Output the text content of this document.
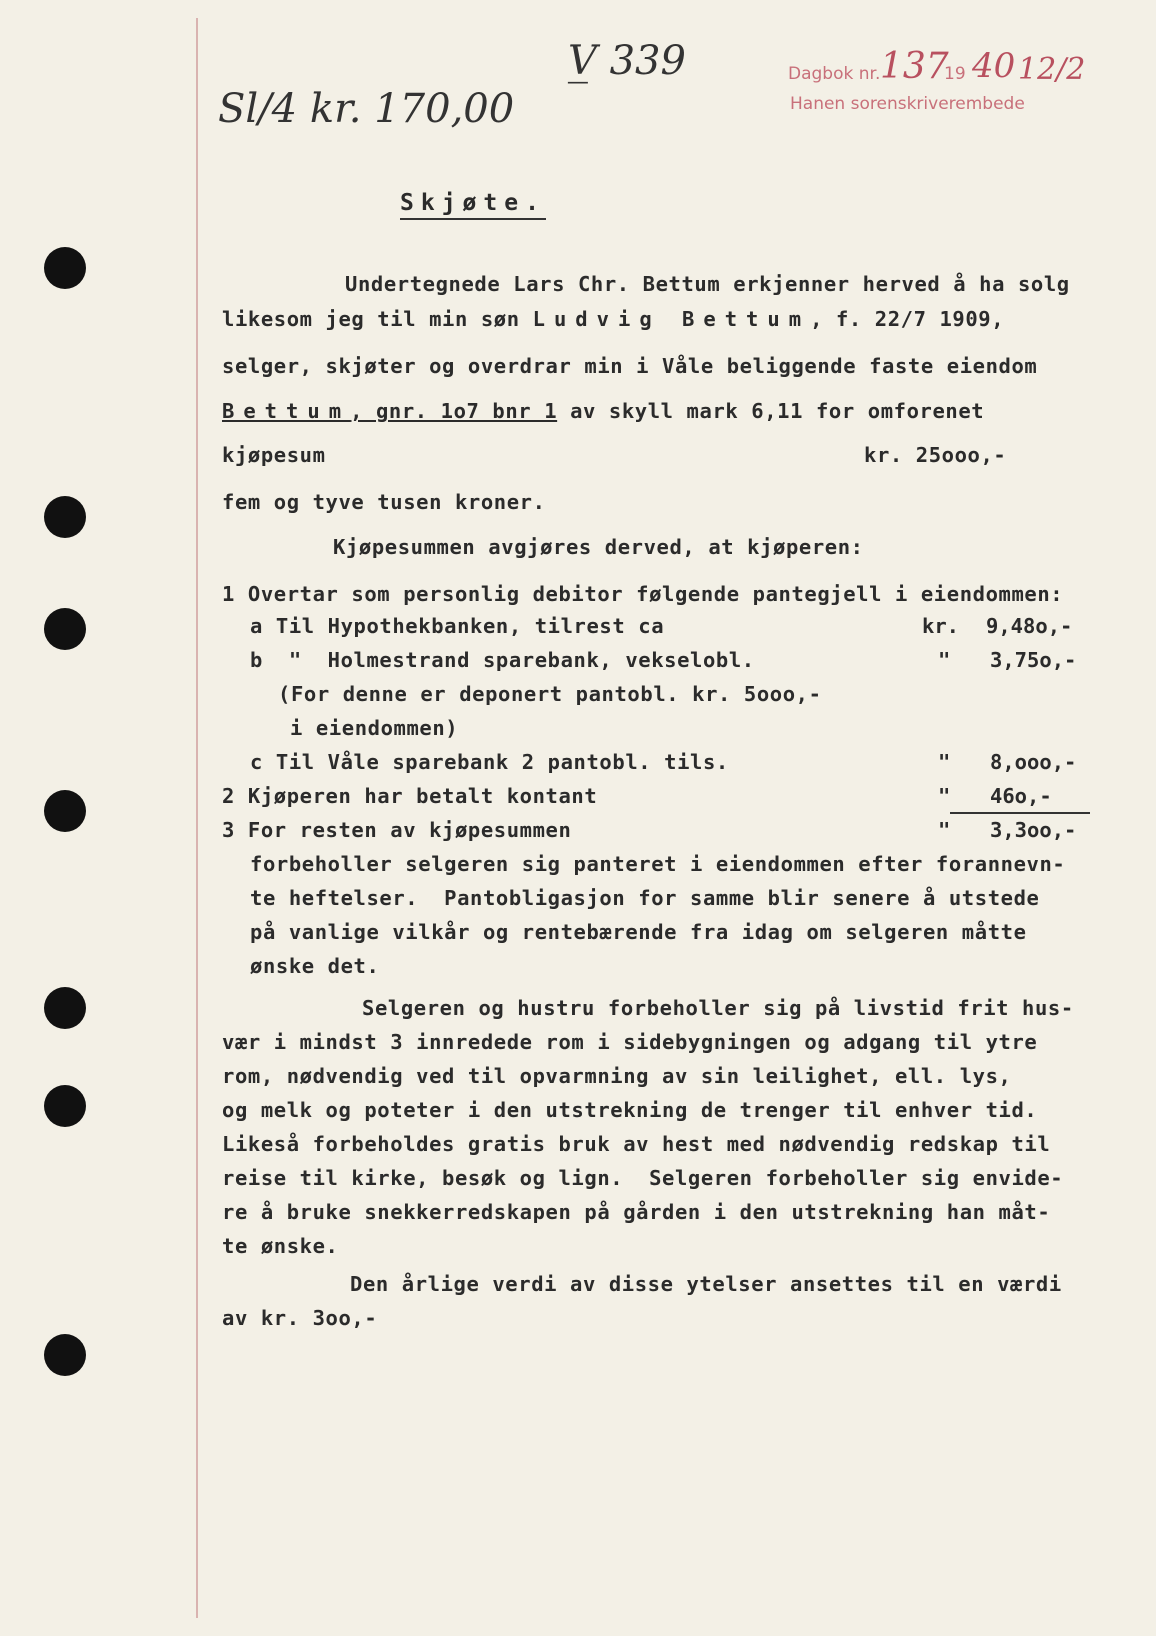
V̲ 339
Sl/4 kr. 170,00
Dagbok nr. 137
19 40 12/2
Hanen sorenskriverembede
Skjøte.
Undertegnede Lars Chr. Bettum erkjenner herved å ha solg
likesom jeg til min søn Ludvig Bettum, f. 22/7 1909,
selger, skjøter og overdrar min i Våle beliggende faste eiendom
Bettum, gnr. 1o7 bnr 1 av skyll mark 6,11 for omforenet
kjøpesum	kr. 25ooo,-
fem og tyve tusen kroner.
Kjøpesummen avgjøres derved, at kjøperen:
1 Overtar som personlig debitor følgende pantegjell i eiendommen:
a Til Hypothekbanken, tilrest ca	kr. 9,48o,-
b  "  Holmestrand sparebank, vekselobl.	" 3,75o,-
(For denne er deponert pantobl. kr. 5ooo,-
i eiendommen)
c Til Våle sparebank 2 pantobl. tils.	" 8,ooo,-
2 Kjøperen har betalt kontant	" 46o,-
3 For resten av kjøpesummen	" 3,3oo,-
forbeholler selgeren sig panteret i eiendommen efter forannevn-
te heftelser.  Pantobligasjon for samme blir senere å utstede
på vanlige vilkår og rentebærende fra idag om selgeren måtte
ønske det.
Selgeren og hustru forbeholler sig på livstid frit hus-
vær i mindst 3 innredede rom i sidebygningen og adgang til ytre
rom, nødvendig ved til opvarmning av sin leilighet, ell. lys,
og melk og poteter i den utstrekning de trenger til enhver tid.
Likeså forbeholdes gratis bruk av hest med nødvendig redskap til
reise til kirke, besøk og lign.  Selgeren forbeholler sig envide-
re å bruke snekkerredskapen på gården i den utstrekning han måt-
te ønske.
Den årlige verdi av disse ytelser ansettes til en værdi
av kr. 3oo,-
